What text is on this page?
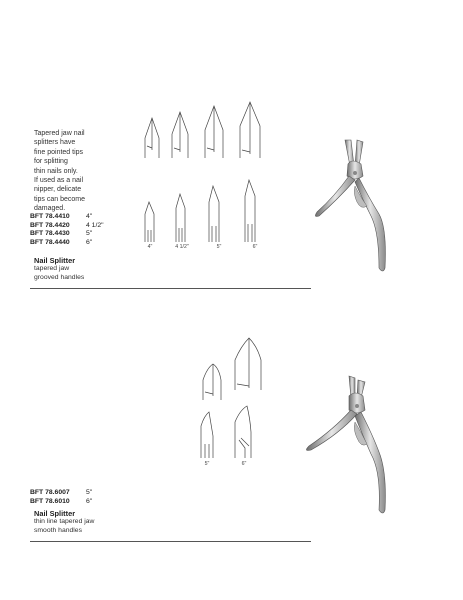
Tapered jaw nail
splitters have
fine pointed tips
for splitting
thin nails only.
If used as a nail
nipper, delicate
tips can become
damaged.
BFT 78.4410	4"
BFT 78.4420	4 1/2"
BFT 78.4430	5"
BFT 78.4440	6"
Nail Splitter
tapered jaw
grooved handles
4"	4 1/2"	5"	6"
5"	6"
BFT 78.6007	5"
BFT 78.6010	6"
Nail Splitter
thin line tapered jaw
smooth handles
